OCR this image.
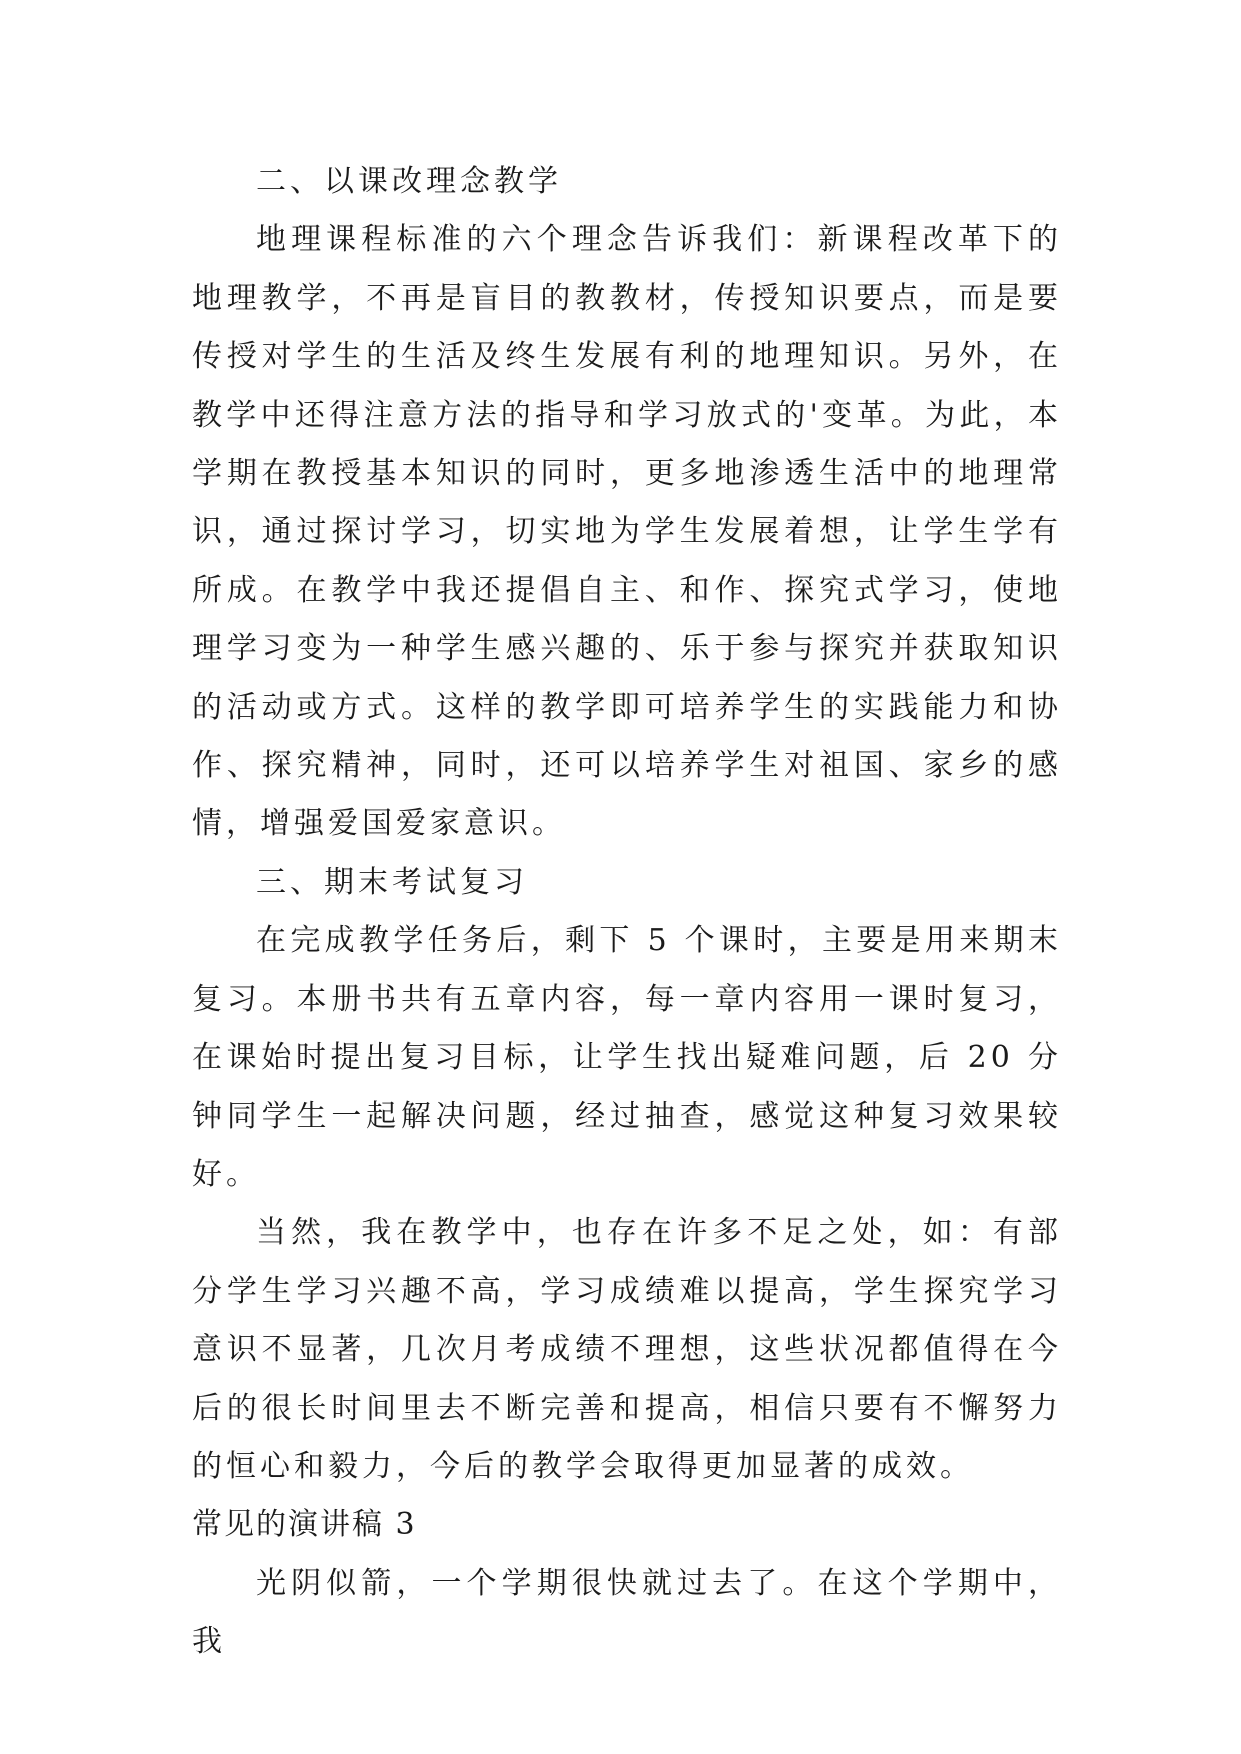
二、以课改理念教学

地理课程标准的六个理念告诉我们：新课程改革下的地理教学，不再是盲目的教教材，传授知识要点，而是要传授对学生的生活及终生发展有利的地理知识。另外，在教学中还得注意方法的指导和学习放式的'变革。为此，本学期在教授基本知识的同时，更多地渗透生活中的地理常识，通过探讨学习，切实地为学生发展着想，让学生学有所成。在教学中我还提倡自主、和作、探究式学习，使地理学习变为一种学生感兴趣的、乐于参与探究并获取知识的活动或方式。这样的教学即可培养学生的实践能力和协作、探究精神，同时，还可以培养学生对祖国、家乡的感情，增强爱国爱家意识。

三、期末考试复习

在完成教学任务后，剩下 5 个课时，主要是用来期末复习。本册书共有五章内容，每一章内容用一课时复习，在课始时提出复习目标，让学生找出疑难问题，后 20 分钟同学生一起解决问题，经过抽查，感觉这种复习效果较好。

当然，我在教学中，也存在许多不足之处，如：有部分学生学习兴趣不高，学习成绩难以提高，学生探究学习意识不显著，几次月考成绩不理想，这些状况都值得在今后的很长时间里去不断完善和提高，相信只要有不懈努力的恒心和毅力，今后的教学会取得更加显著的成效。

常见的演讲稿 3

光阴似箭，一个学期很快就过去了。在这个学期中，我
